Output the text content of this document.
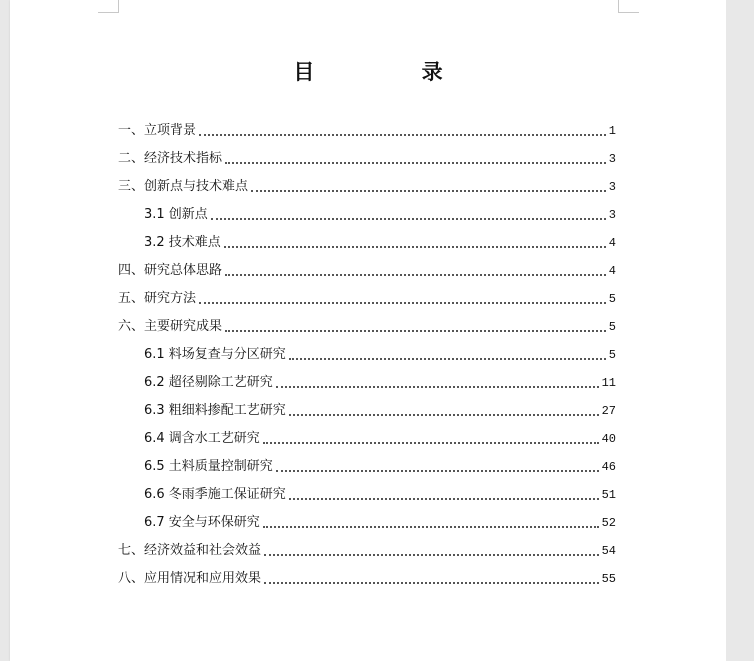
目 录
一、立项背景	1
二、经济技术指标	3
三、创新点与技术难点	3
3.1 创新点	3
3.2 技术难点	4
四、研究总体思路	4
五、研究方法	5
六、主要研究成果	5
6.1 料场复查与分区研究	5
6.2 超径剔除工艺研究	11
6.3 粗细料掺配工艺研究	27
6.4 调含水工艺研究	40
6.5 土料质量控制研究	46
6.6 冬雨季施工保证研究	51
6.7 安全与环保研究	52
七、经济效益和社会效益	54
八、应用情况和应用效果	55
